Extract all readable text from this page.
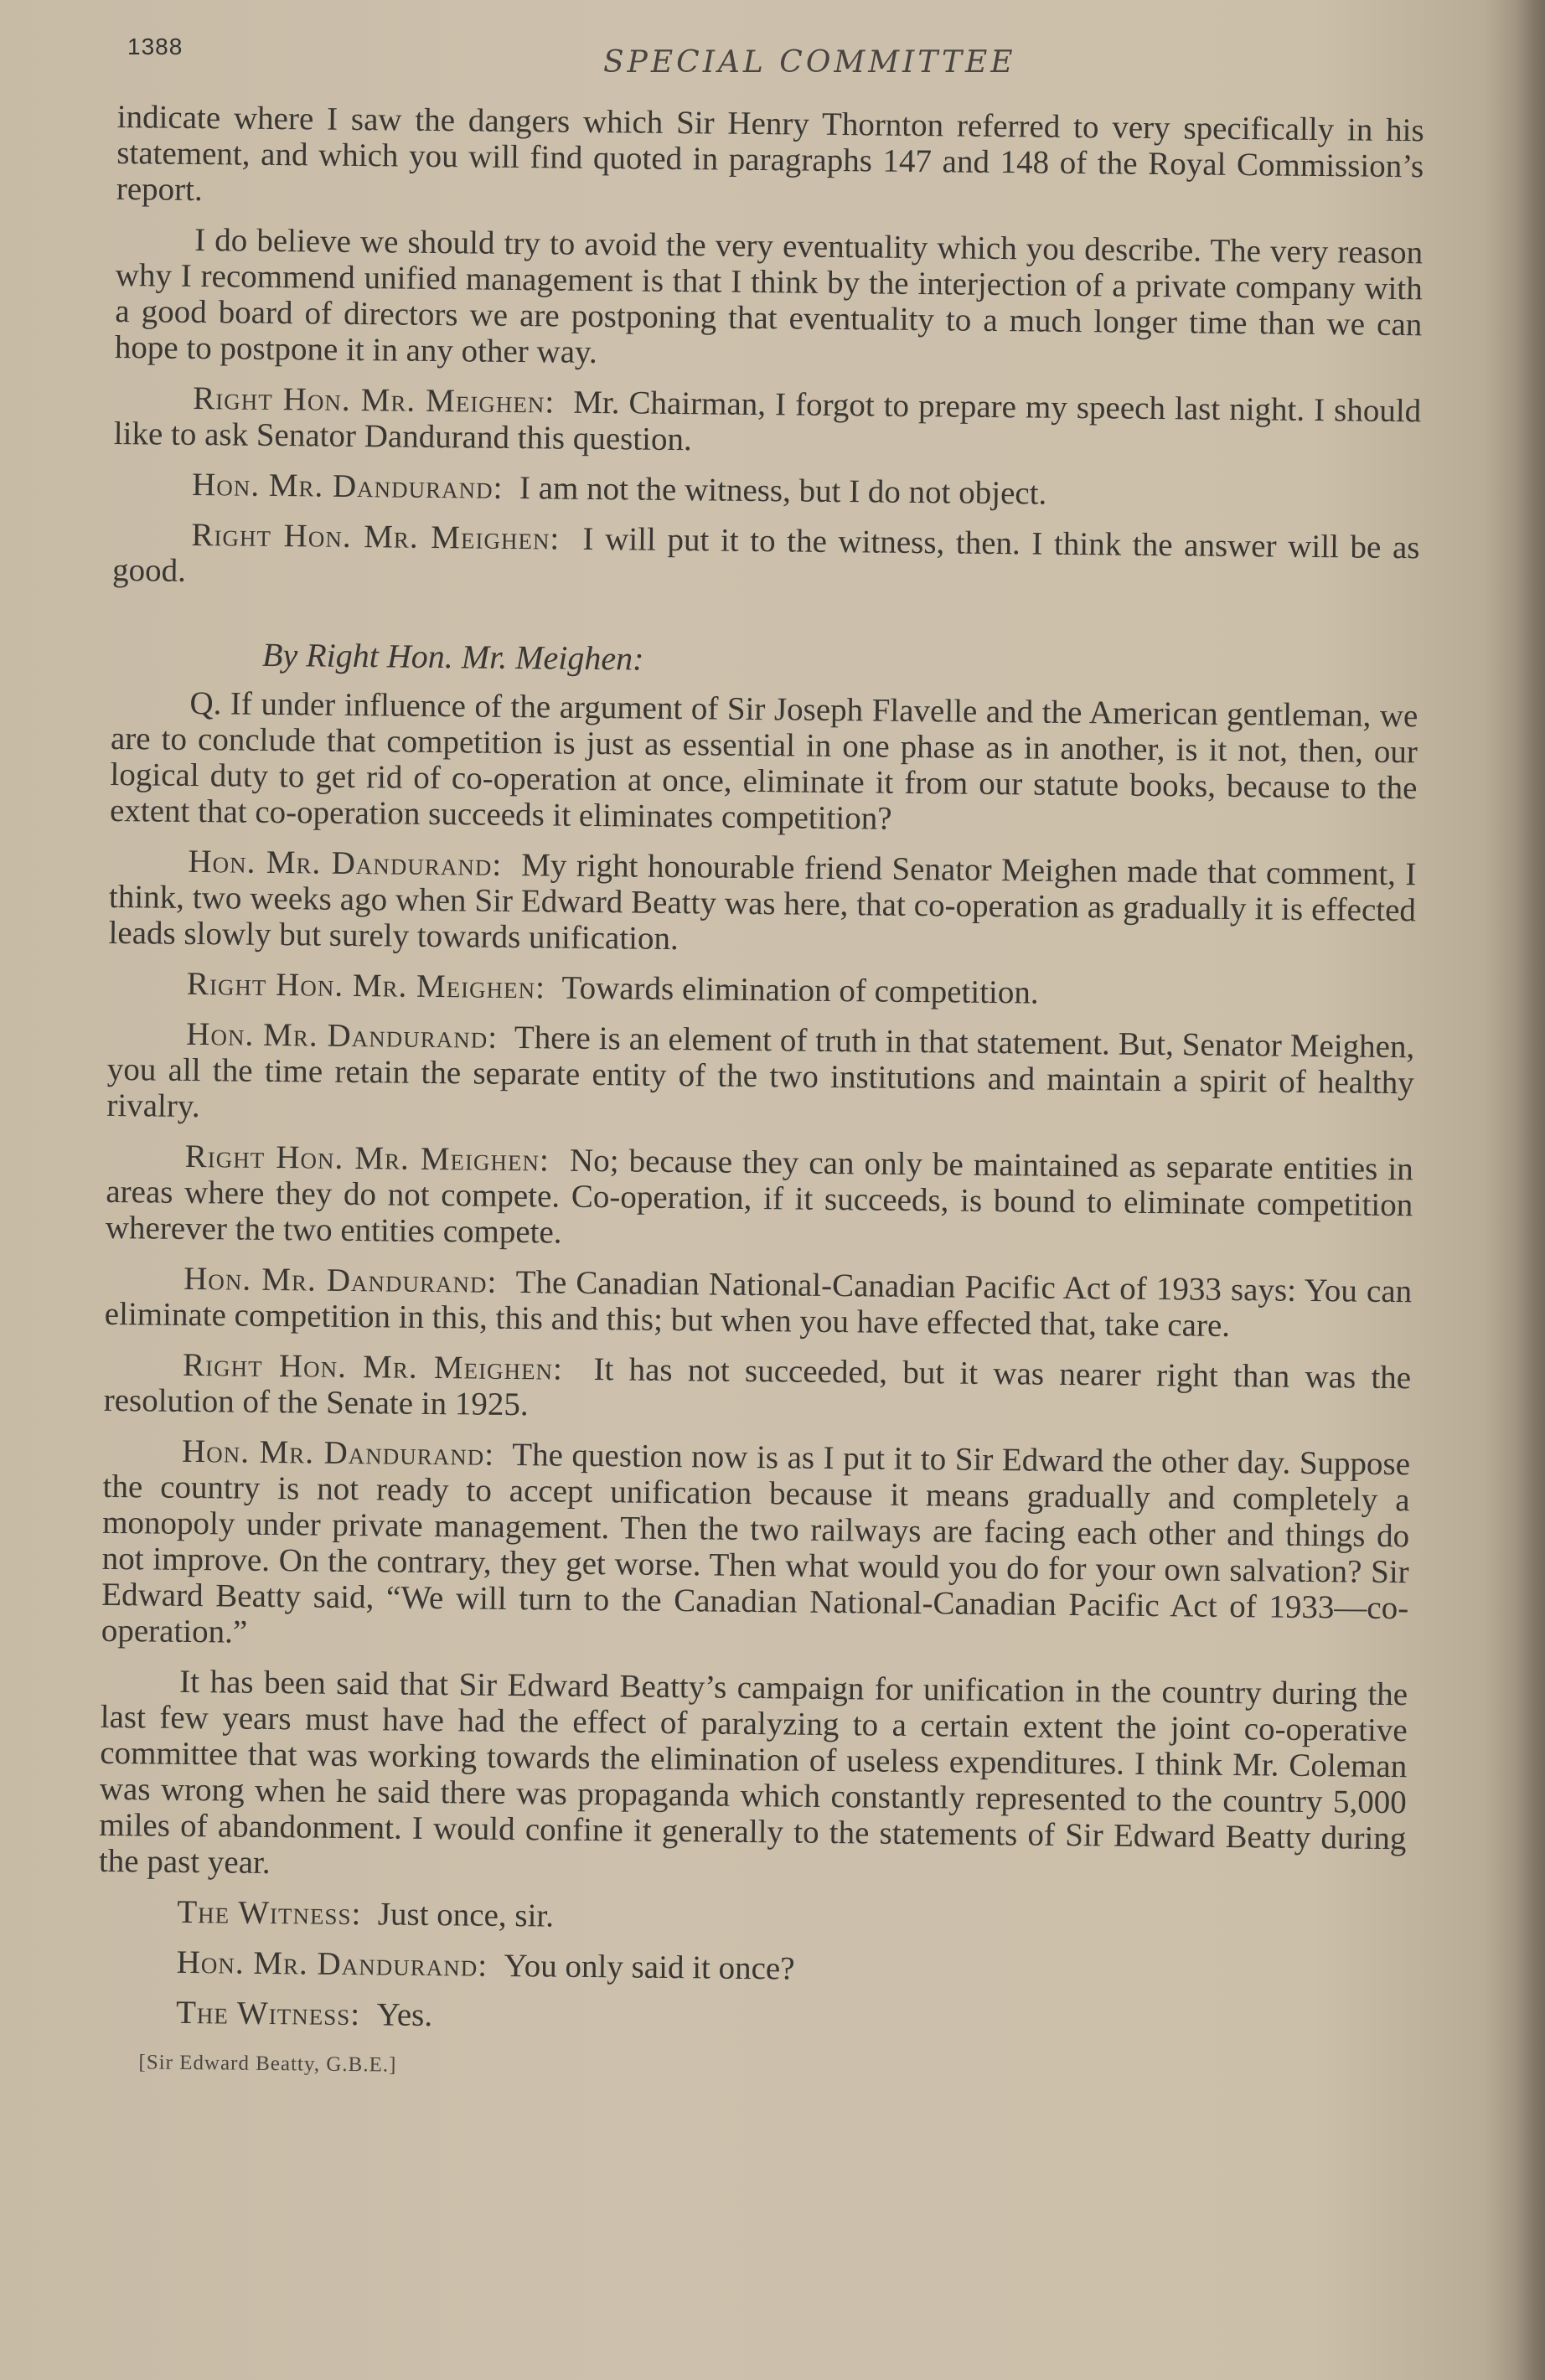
1388	SPECIAL COMMITTEE

indicate where I saw the dangers which Sir Henry Thornton referred to very specifically in his statement, and which you will find quoted in paragraphs 147 and 148 of the Royal Commission’s report.

I do believe we should try to avoid the very eventuality which you describe. The very reason why I recommend unified management is that I think by the interjection of a private company with a good board of directors we are postponing that eventuality to a much longer time than we can hope to postpone it in any other way.

Right Hon. Mr. Meighen: Mr. Chairman, I forgot to prepare my speech last night. I should like to ask Senator Dandurand this question.

Hon. Mr. Dandurand: I am not the witness, but I do not object.

Right Hon. Mr. Meighen: I will put it to the witness, then. I think the answer will be as good.

By Right Hon. Mr. Meighen:

Q. If under influence of the argument of Sir Joseph Flavelle and the American gentleman, we are to conclude that competition is just as essential in one phase as in another, is it not, then, our logical duty to get rid of co-operation at once, eliminate it from our statute books, because to the extent that co-operation succeeds it eliminates competition?

Hon. Mr. Dandurand: My right honourable friend Senator Meighen made that comment, I think, two weeks ago when Sir Edward Beatty was here, that co-operation as gradually it is effected leads slowly but surely towards unification.

Right Hon. Mr. Meighen: Towards elimination of competition.

Hon. Mr. Dandurand: There is an element of truth in that statement. But, Senator Meighen, you all the time retain the separate entity of the two institutions and maintain a spirit of healthy rivalry.

Right Hon. Mr. Meighen: No; because they can only be maintained as separate entities in areas where they do not compete. Co-operation, if it succeeds, is bound to eliminate competition wherever the two entities compete.

Hon. Mr. Dandurand: The Canadian National-Canadian Pacific Act of 1933 says: You can eliminate competition in this, this and this; but when you have effected that, take care.

Right Hon. Mr. Meighen: It has not succeeded, but it was nearer right than was the resolution of the Senate in 1925.

Hon. Mr. Dandurand: The question now is as I put it to Sir Edward the other day. Suppose the country is not ready to accept unification because it means gradually and completely a monopoly under private management. Then the two railways are facing each other and things do not improve. On the contrary, they get worse. Then what would you do for your own salvation? Sir Edward Beatty said, “We will turn to the Canadian National-Canadian Pacific Act of 1933—co-operation.”

It has been said that Sir Edward Beatty’s campaign for unification in the country during the last few years must have had the effect of paralyzing to a certain extent the joint co-operative committee that was working towards the elimination of useless expenditures. I think Mr. Coleman was wrong when he said there was propaganda which constantly represented to the country 5,000 miles of abandonment. I would confine it generally to the statements of Sir Edward Beatty during the past year.

The Witness: Just once, sir.

Hon. Mr. Dandurand: You only said it once?

The Witness: Yes.

[Sir Edward Beatty, G.B.E.]
